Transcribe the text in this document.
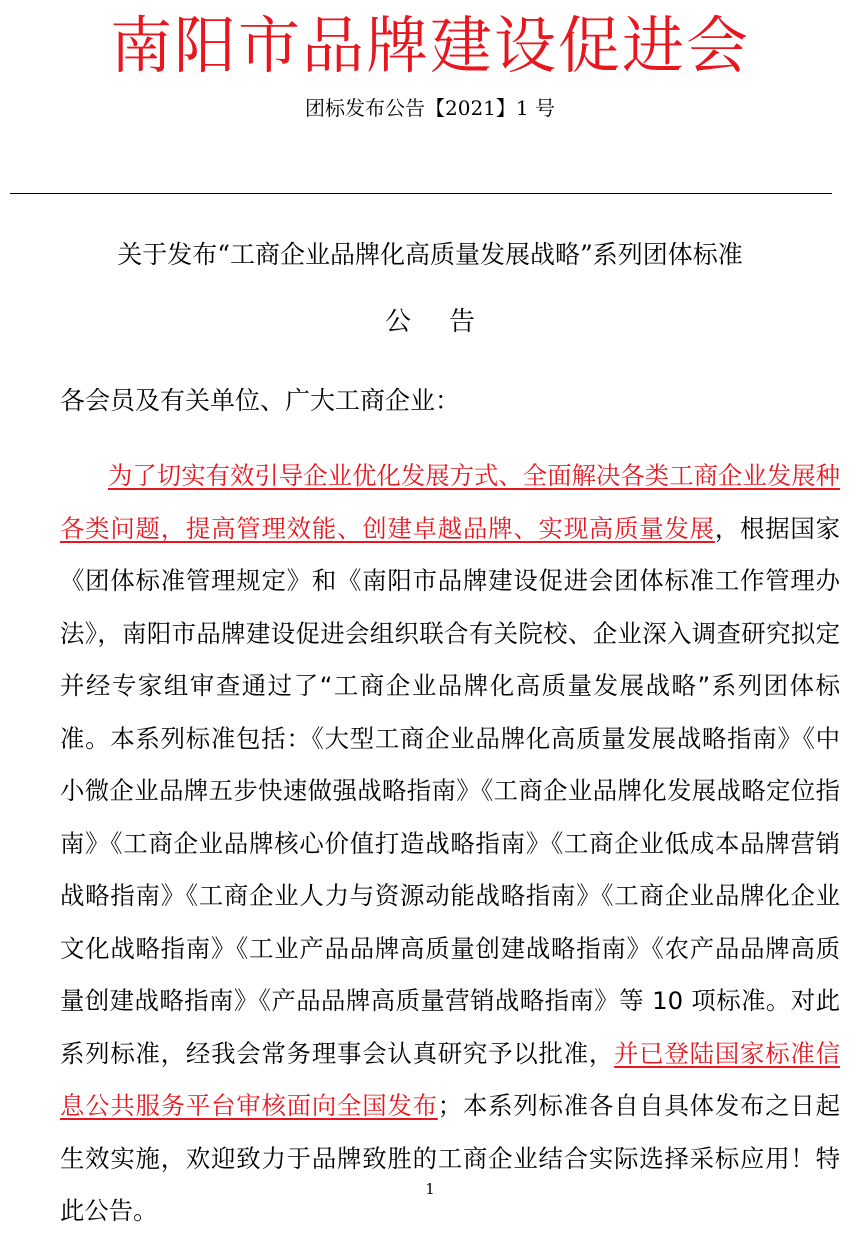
南阳市品牌建设促进会
团标发布公告【2021】1 号
关于发布“工商企业品牌化高质量发展战略”系列团体标准
公告
各会员及有关单位、广大工商企业：

为了切实有效引导企业优化发展方式、全面解决各类工商企业发展种各类问题，提高管理效能、创建卓越品牌、实现高质量发展，根据国家《团体标准管理规定》和《南阳市品牌建设促进会团体标准工作管理办法》，南阳市品牌建设促进会组织联合有关院校、企业深入调查研究拟定并经专家组审查通过了“工商企业品牌化高质量发展战略”系列团体标准。本系列标准包括：《大型工商企业品牌化高质量发展战略指南》《中小微企业品牌五步快速做强战略指南》《工商企业品牌化发展战略定位指南》《工商企业品牌核心价值打造战略指南》《工商企业低成本品牌营销战略指南》《工商企业人力与资源动能战略指南》《工商企业品牌化企业文化战略指南》《工业产品品牌高质量创建战略指南》《农产品品牌高质量创建战略指南》《产品品牌高质量营销战略指南》等 10 项标准。对此系列标准，经我会常务理事会认真研究予以批准，并已登陆国家标准信息公共服务平台审核面向全国发布；本系列标准各自自具体发布之日起生效实施，欢迎致力于品牌致胜的工商企业结合实际选择采标应用！特此公告。

1
